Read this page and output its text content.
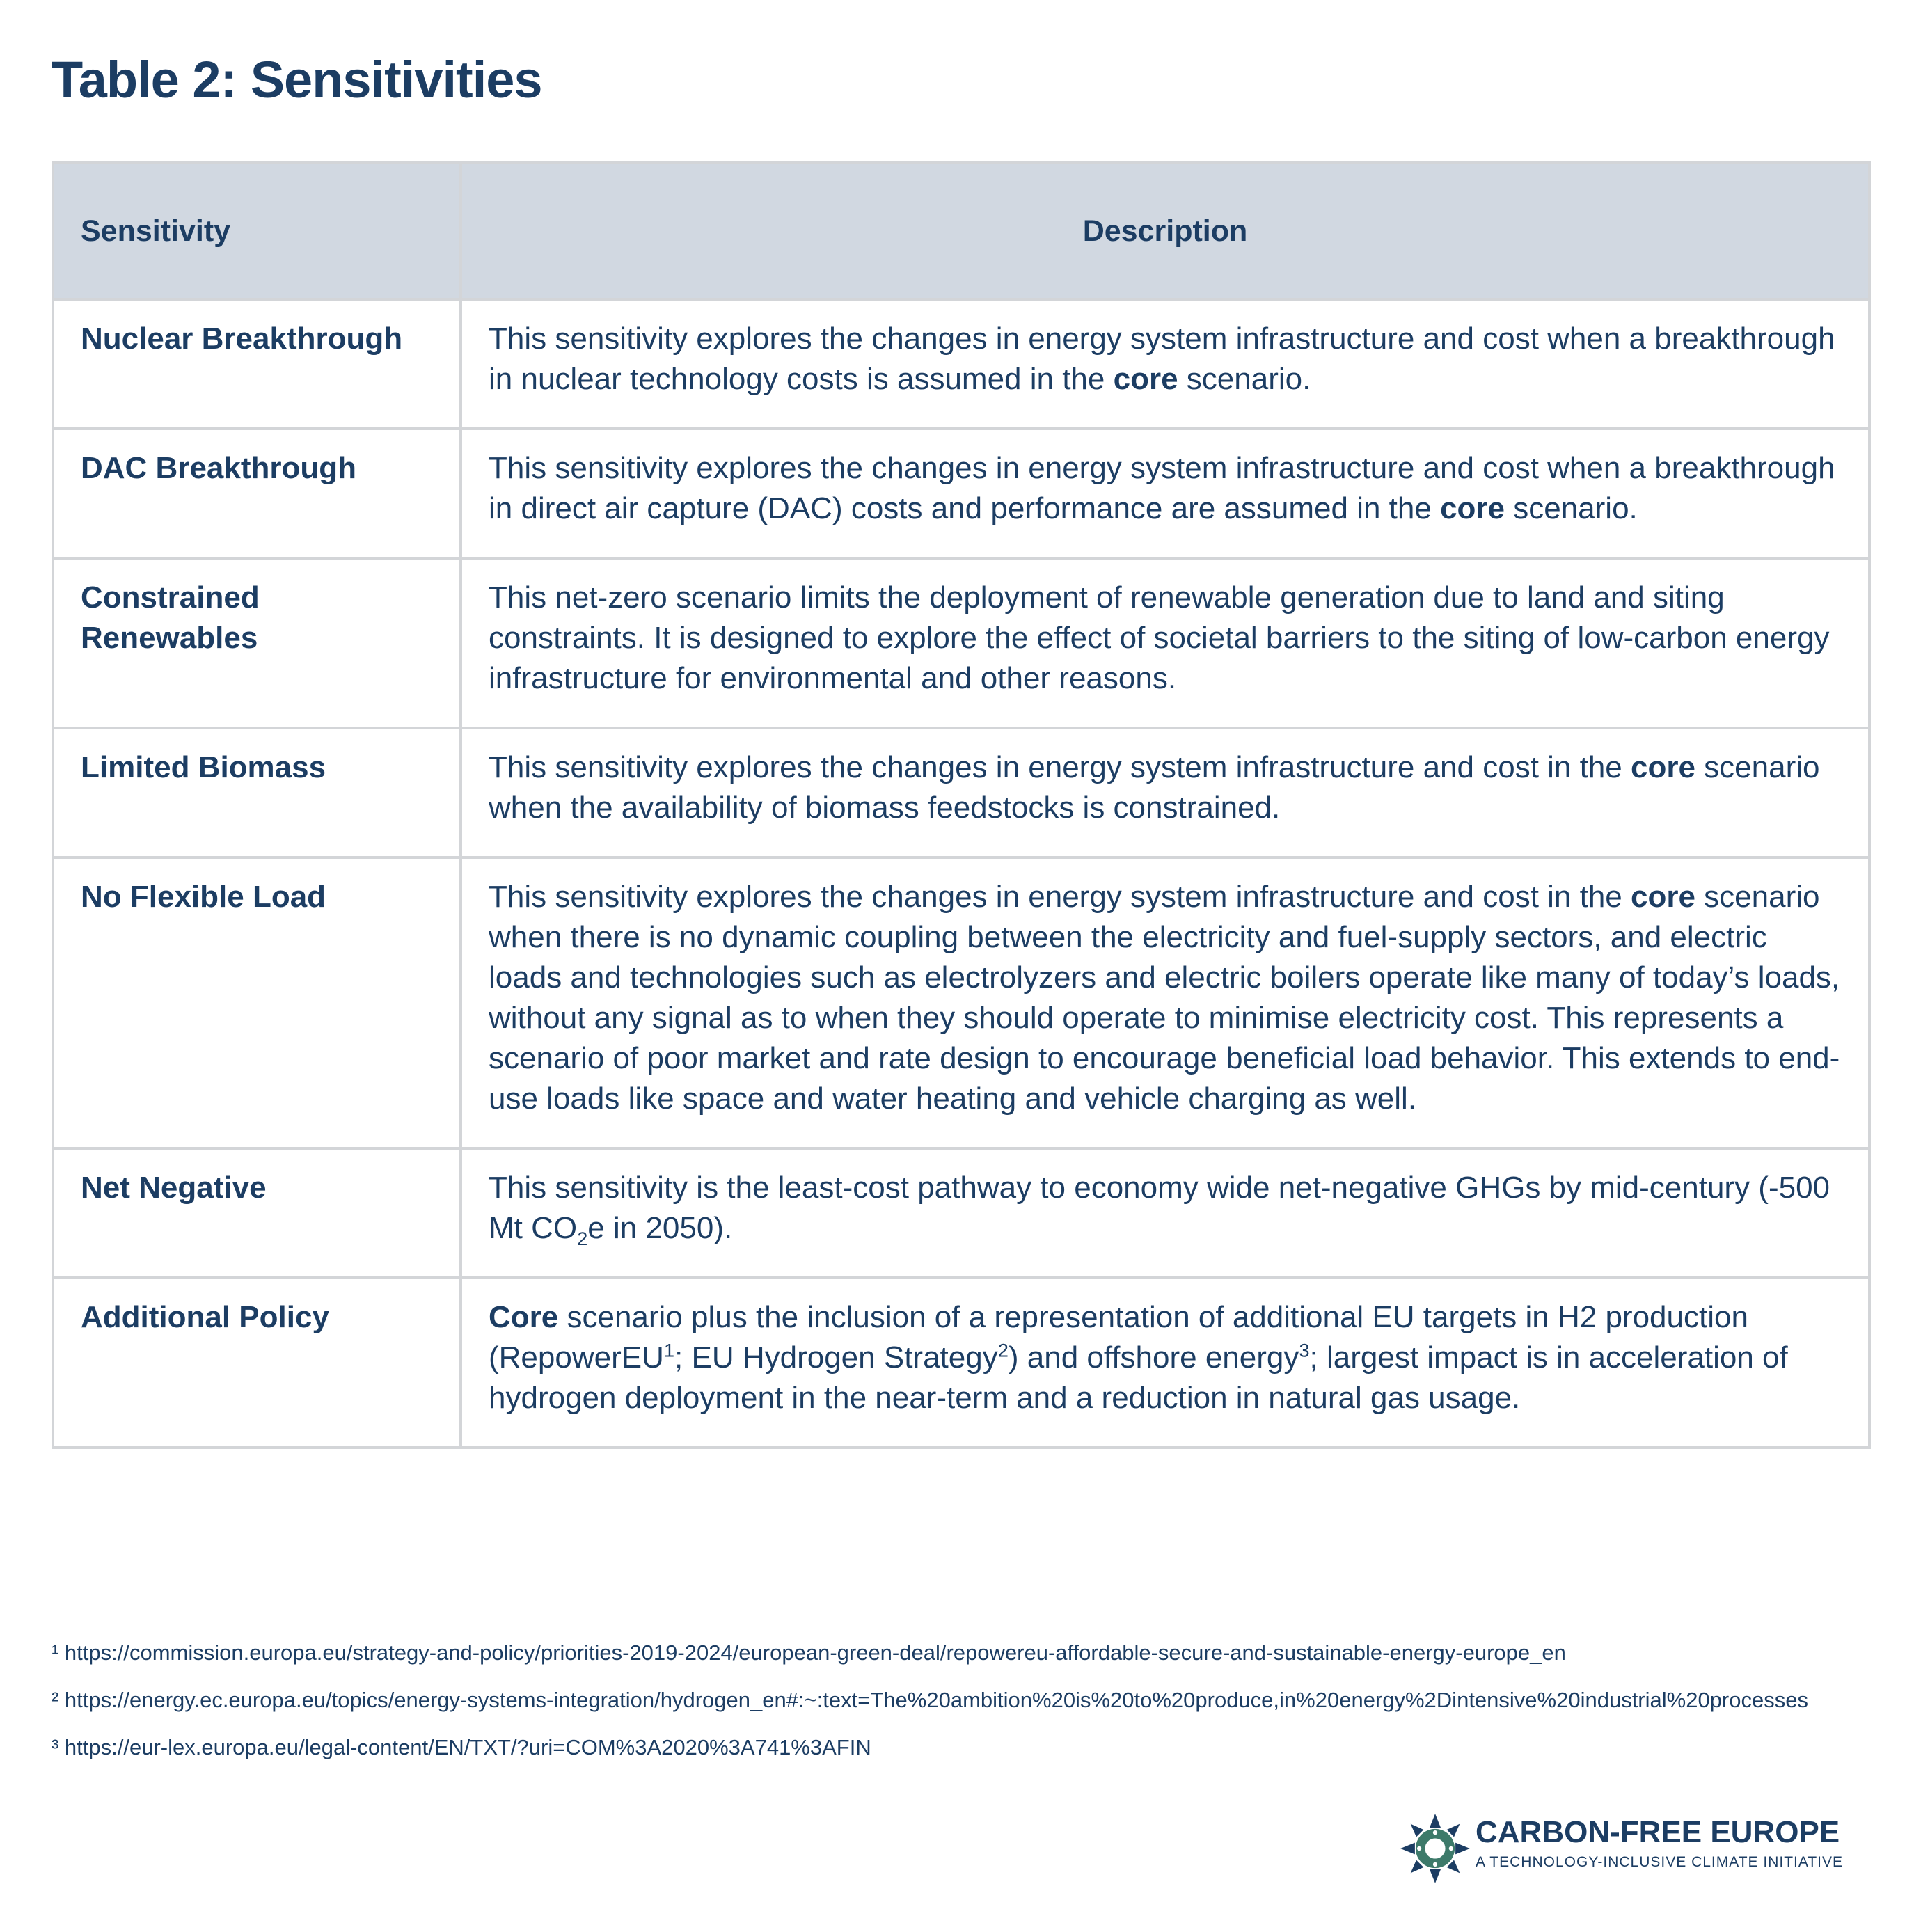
Table 2: Sensitivities
Sensitivity	Description
Nuclear Breakthrough	This sensitivity explores the changes in energy system infrastructure and cost when a breakthrough in nuclear technology costs is assumed in the core scenario.
DAC Breakthrough	This sensitivity explores the changes in energy system infrastructure and cost when a breakthrough in direct air capture (DAC) costs and performance are assumed in the core scenario.
Constrained Renewables	This net-zero scenario limits the deployment of renewable generation due to land and siting constraints. It is designed to explore the effect of societal barriers to the siting of low-carbon energy infrastructure for environmental and other reasons.
Limited Biomass	This sensitivity explores the changes in energy system infrastructure and cost in the core scenario when the availability of biomass feedstocks is constrained.
No Flexible Load	This sensitivity explores the changes in energy system infrastructure and cost in the core scenario when there is no dynamic coupling between the electricity and fuel-supply sectors, and electric loads and technologies such as electrolyzers and electric boilers operate like many of today’s loads, without any signal as to when they should operate to minimise electricity cost. This represents a scenario of poor market and rate design to encourage beneficial load behavior. This extends to end-use loads like space and water heating and vehicle charging as well.
Net Negative	This sensitivity is the least-cost pathway to economy wide net-negative GHGs by mid-century (-500 Mt $CO_2e$ in 2050).
Additional Policy	Core scenario plus the inclusion of a representation of additional EU targets in H2 production (RepowerEU$^1$; EU Hydrogen Strategy$^2$) and offshore energy$^3$; largest impact is in acceleration of hydrogen deployment in the near-term and a reduction in natural gas usage.
¹ https://commission.europa.eu/strategy-and-policy/priorities-2019-2024/european-green-deal/repowereu-affordable-secure-and-sustainable-energy-europe_en
² https://energy.ec.europa.eu/topics/energy-systems-integration/hydrogen_en#:~:text=The%20ambition%20is%20to%20produce,in%20energy%2Dintensive%20industrial%20processes
³ https://eur-lex.europa.eu/legal-content/EN/TXT/?uri=COM%3A2020%3A741%3AFIN
CARBON-FREE EUROPE
A TECHNOLOGY-INCLUSIVE CLIMATE INITIATIVE
